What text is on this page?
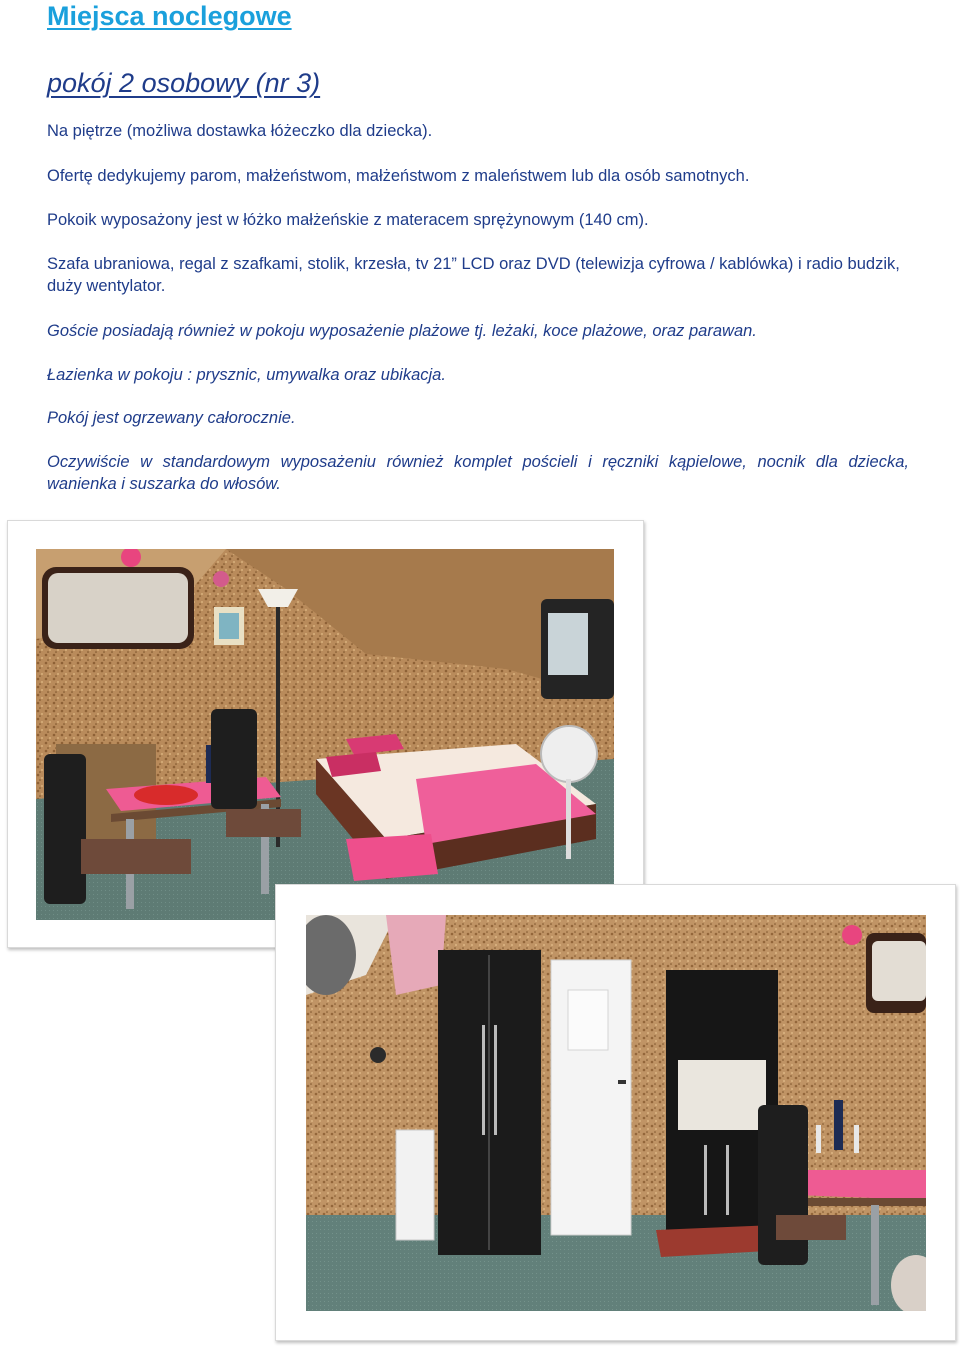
Miejsca noclegowe
pokój 2 osobowy (nr 3)

Na piętrze (możliwa dostawka łóżeczko dla dziecka).

Ofertę dedykujemy parom, małżeństwom, małżeństwom z maleństwem lub dla osób samotnych.

Pokoik wyposażony jest w łóżko małżeńskie z materacem sprężynowym (140 cm).

Szafa ubraniowa, regal z szafkami, stolik, krzesła, tv 21” LCD oraz DVD (telewizja cyfrowa / kablówka) i radio budzik, duży wentylator.

Goście posiadają również w pokoju wyposażenie plażowe tj. leżaki, koce plażowe, oraz parawan.

Łazienka w pokoju : prysznic, umywalka oraz ubikacja.

Pokój jest ogrzewany całorocznie.

Oczywiście w standardowym wyposażeniu również komplet pościeli i ręczniki kąpielowe, nocnik dla dziecka, wanienka i suszarka do włosów.
